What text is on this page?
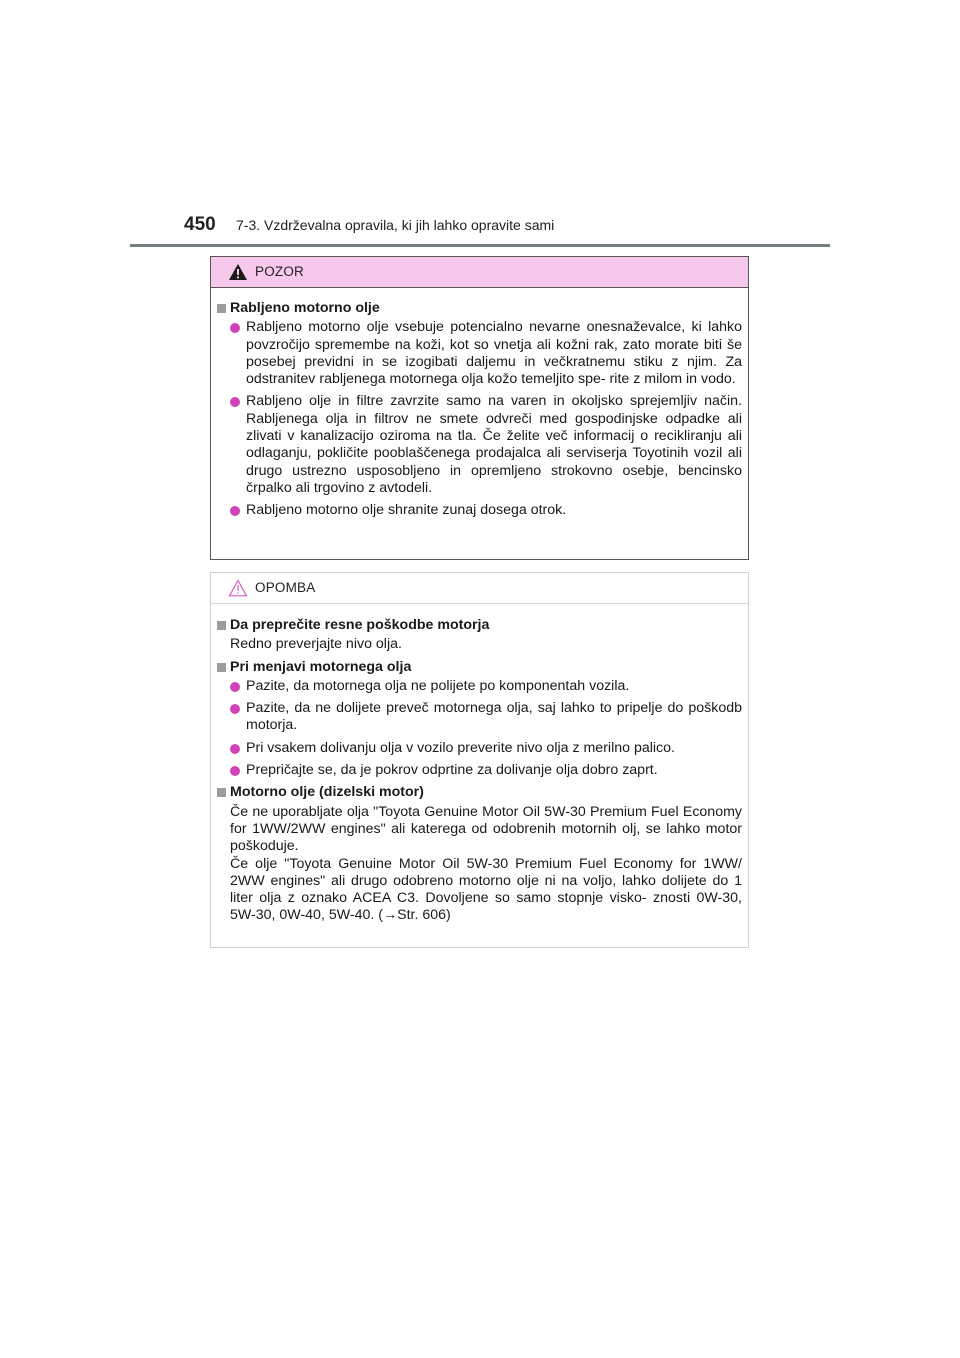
450 7-3. Vzdrževalna opravila, ki jih lahko opravite sami
POZOR
Rabljeno motorno olje
Rabljeno motorno olje vsebuje potencialno nevarne onesnaževalce, ki lahko povzročijo spremembe na koži, kot so vnetja ali kožni rak, zato morate biti še posebej previdni in se izogibati daljemu in večkratnemu stiku z njim. Za odstranitev rabljenega motornega olja kožo temeljito spe- rite z milom in vodo.
Rabljeno olje in filtre zavrzite samo na varen in okoljsko sprejemljiv način. Rabljenega olja in filtrov ne smete odvreči med gospodinjske odpadke ali zlivati v kanalizacijo oziroma na tla. Če želite več informacij o recikliranju ali odlaganju, pokličite pooblaščenega prodajalca ali serviserja Toyotinih vozil ali drugo ustrezno usposobljeno in opremljeno strokovno osebje, bencinsko črpalko ali trgovino z avtodeli.
Rabljeno motorno olje shranite zunaj dosega otrok.
OPOMBA
Da preprečite resne poškodbe motorja
Redno preverjajte nivo olja.
Pri menjavi motornega olja
Pazite, da motornega olja ne polijete po komponentah vozila.
Pazite, da ne dolijete preveč motornega olja, saj lahko to pripelje do poškodb motorja.
Pri vsakem dolivanju olja v vozilo preverite nivo olja z merilno palico.
Prepričajte se, da je pokrov odprtine za dolivanje olja dobro zaprt.
Motorno olje (dizelski motor)
Če ne uporabljate olja "Toyota Genuine Motor Oil 5W-30 Premium Fuel Economy for 1WW/2WW engines" ali katerega od odobrenih motornih olj, se lahko motor poškoduje.
Če olje "Toyota Genuine Motor Oil 5W-30 Premium Fuel Economy for 1WW/ 2WW engines" ali drugo odobreno motorno olje ni na voljo, lahko dolijete do 1 liter olja z oznako ACEA C3. Dovoljene so samo stopnje visko- znosti 0W-30, 5W-30, 0W-40, 5W-40. (→Str. 606)
